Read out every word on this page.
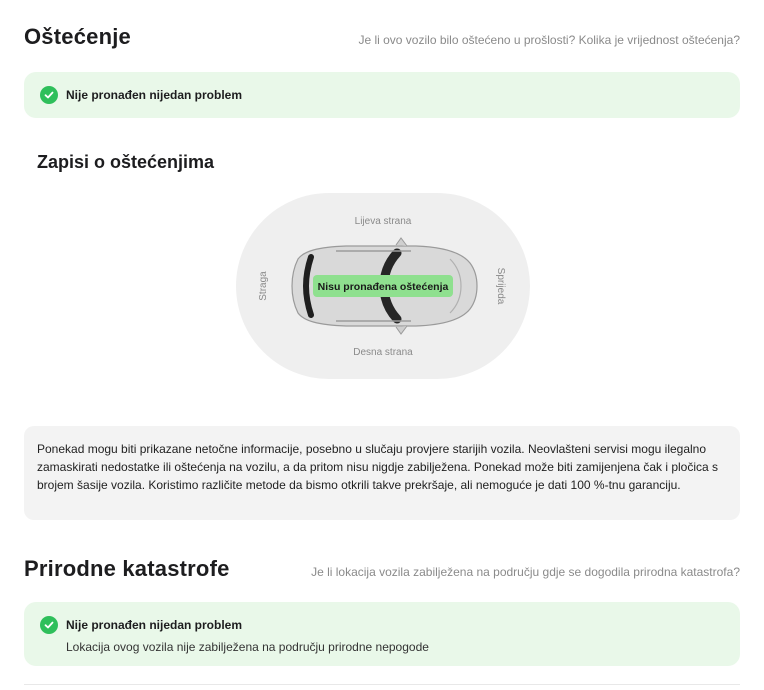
Oštećenje	Je li ovo vozilo bilo oštećeno u prošlosti? Kolika je vrijednost oštećenja?
Nije pronađen nijedan problem
Zapisi o oštećenjima
Lijeva strana
Desna strana
Straga	Sprijeda
Nisu pronađena oštećenja
Ponekad mogu biti prikazane netočne informacije, posebno u slučaju provjere starijih vozila. Neovlašteni servisi mogu ilegalno zamaskirati nedostatke ili oštećenja na vozilu, a da pritom nisu nigdje zabilježena. Ponekad može biti zamijenjena čak i pločica s brojem šasije vozila. Koristimo različite metode da bismo otkrili takve prekršaje, ali nemoguće je dati 100 %-tnu garanciju.
Prirodne katastrofe	Je li lokacija vozila zabilježena na području gdje se dogodila prirodna katastrofa?
Nije pronađen nijedan problem
Lokacija ovog vozila nije zabilježena na području prirodne nepogode
